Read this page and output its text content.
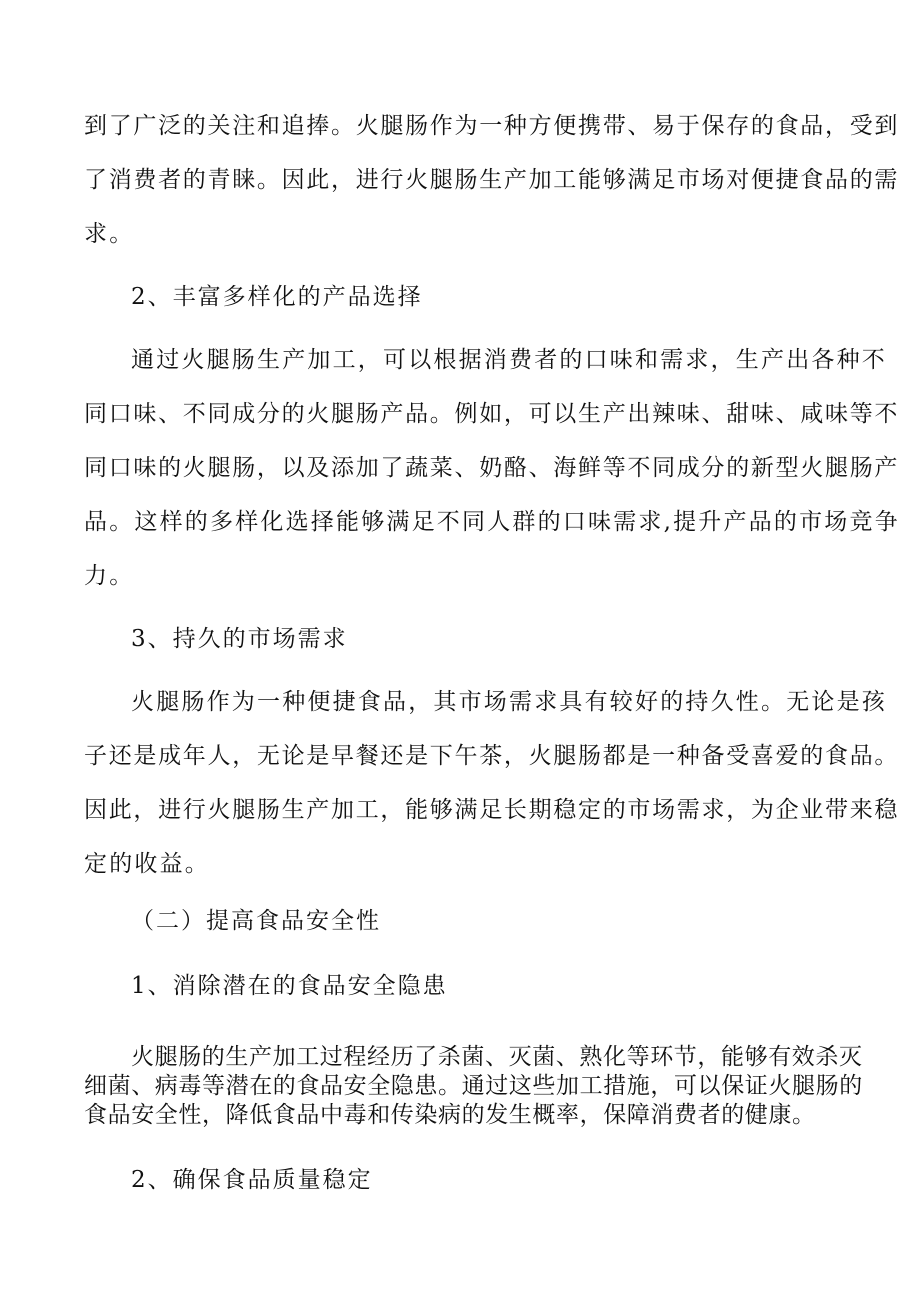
到了广泛的关注和追捧。火腿肠作为一种方便携带、易于保存的食品，受到
了消费者的青睐。因此，进行火腿肠生产加工能够满足市场对便捷食品的需
求。
2、丰富多样化的产品选择
通过火腿肠生产加工，可以根据消费者的口味和需求，生产出各种不
同口味、不同成分的火腿肠产品。例如，可以生产出辣味、甜味、咸味等不
同口味的火腿肠，以及添加了蔬菜、奶酪、海鲜等不同成分的新型火腿肠产
品。这样的多样化选择能够满足不同人群的口味需求,提升产品的市场竞争
力。
3、持久的市场需求
火腿肠作为一种便捷食品，其市场需求具有较好的持久性。无论是孩
子还是成年人，无论是早餐还是下午茶，火腿肠都是一种备受喜爱的食品。
因此，进行火腿肠生产加工，能够满足长期稳定的市场需求，为企业带来稳
定的收益。
（二）提高食品安全性
1、消除潜在的食品安全隐患
火腿肠的生产加工过程经历了杀菌、灭菌、熟化等环节，能够有效杀灭
细菌、病毒等潜在的食品安全隐患。通过这些加工措施，可以保证火腿肠的
食品安全性，降低食品中毒和传染病的发生概率，保障消费者的健康。
2、确保食品质量稳定
